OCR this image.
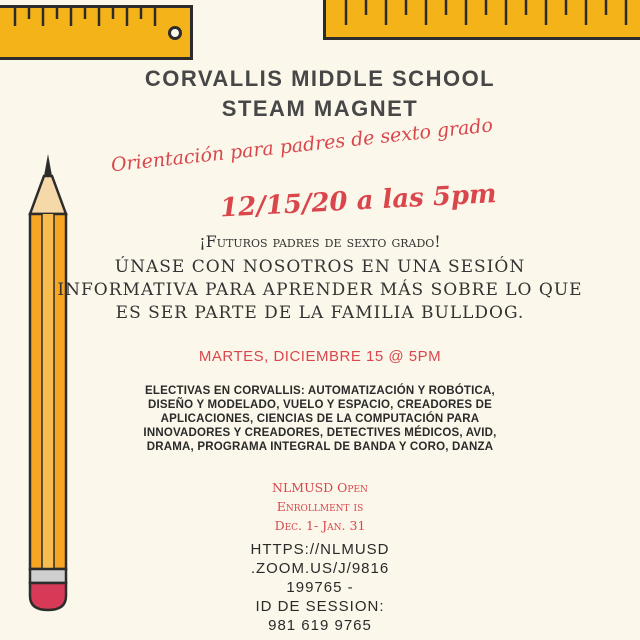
CORVALLIS MIDDLE SCHOOL
STEAM MAGNET
Orientación para padres de sexto grado
12/15/20 a las 5pm
¡Futuros padres de sexto grado!
ÚNASE CON NOSOTROS EN UNA SESIÓN
INFORMATIVA PARA APRENDER MÁS SOBRE LO QUE
ES SER PARTE DE LA FAMILIA BULLDOG.
MARTES, DICIEMBRE 15 @ 5PM
ELECTIVAS EN CORVALLIS: AUTOMATIZACIÓN Y ROBÓTICA,
DISEÑO Y MODELADO, VUELO Y ESPACIO, CREADORES DE
APLICACIONES, CIENCIAS DE LA COMPUTACIÓN PARA
INNOVADORES Y CREADORES, DETECTIVES MÉDICOS, AVID,
DRAMA, PROGRAMA INTEGRAL DE BANDA Y CORO, DANZA
NLMUSD Open
Enrollment is
Dec. 1- Jan. 31
HTTPS://NLMUSD
.ZOOM.US/J/9816
199765 -
ID DE SESSION:
981 619 9765
